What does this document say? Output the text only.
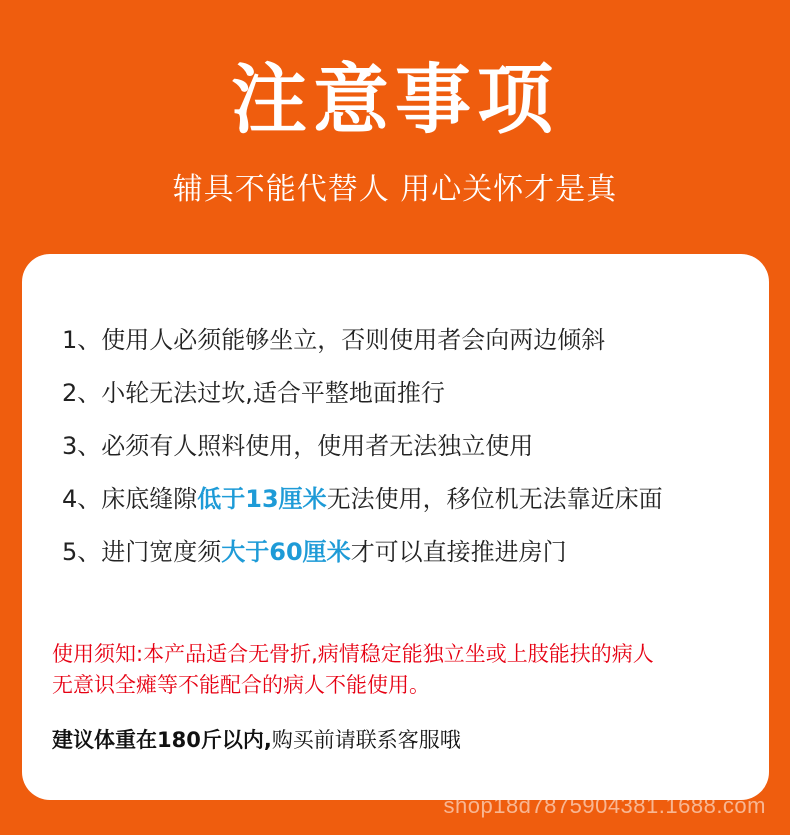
注意事项
辅具不能代替人 用心关怀才是真
1、使用人必须能够坐立，否则使用者会向两边倾斜
2、小轮无法过坎,适合平整地面推行
3、必须有人照料使用，使用者无法独立使用
4、床底缝隙低于13厘米无法使用，移位机无法靠近床面
5、进门宽度须大于60厘米才可以直接推进房门
使用须知:本产品适合无骨折,病情稳定能独立坐或上肢能扶的病人
无意识全瘫等不能配合的病人不能使用。
建议体重在180斤以内,购买前请联系客服哦
shop18d7875904381.1688.com
